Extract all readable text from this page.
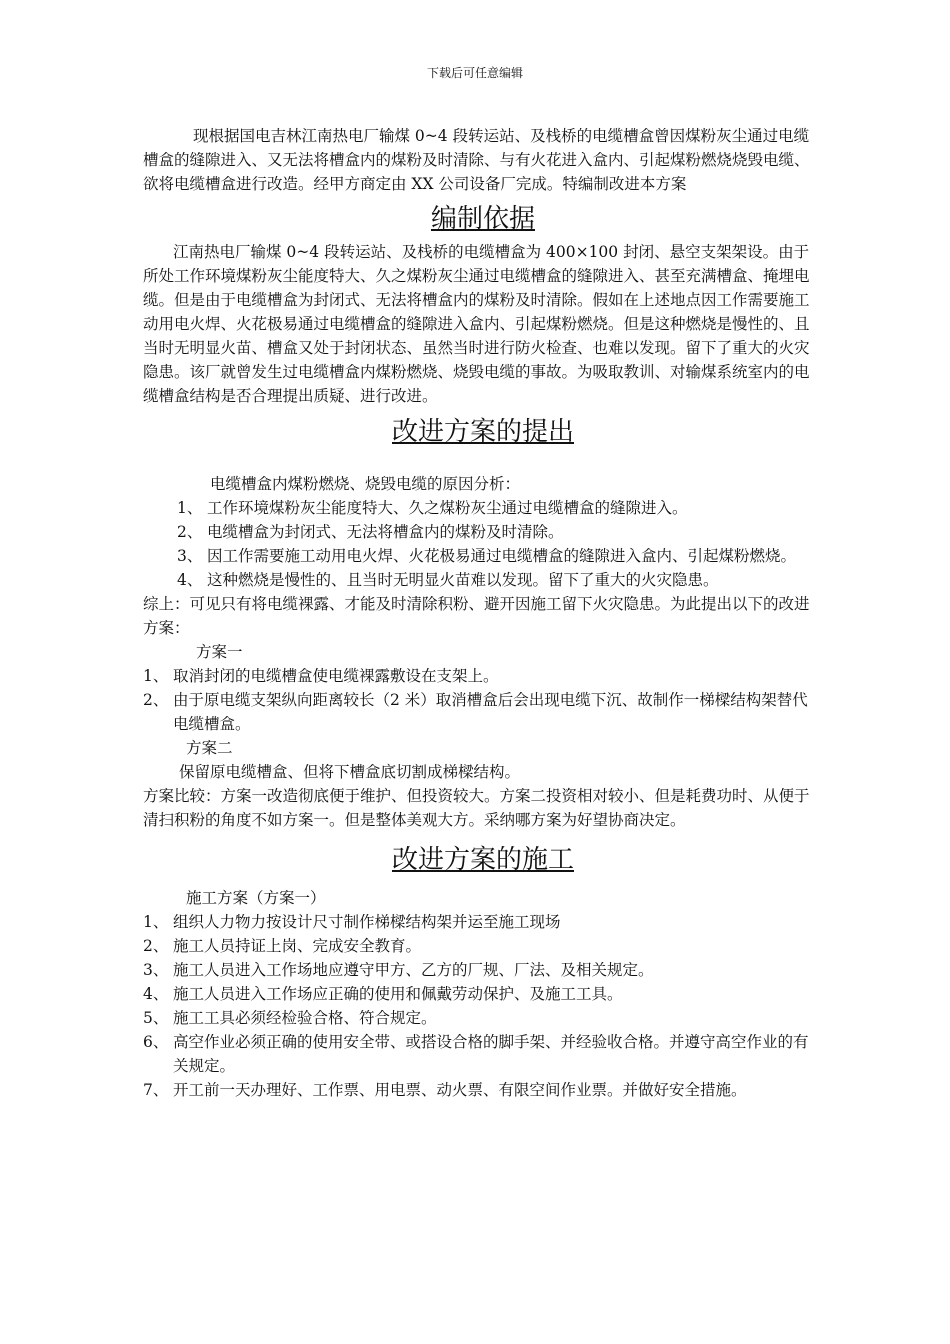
下载后可任意编辑

现根据国电吉林江南热电厂输煤 0~4 段转运站、及栈桥的电缆槽盒曾因煤粉灰尘通过电缆槽盒的缝隙进入、又无法将槽盒内的煤粉及时清除、与有火花进入盒内、引起煤粉燃烧烧毁电缆、欲将电缆槽盒进行改造。经甲方商定由 XX 公司设备厂完成。特编制改进本方案

编制依据

江南热电厂输煤 0~4 段转运站、及栈桥的电缆槽盒为 400×100 封闭、悬空支架架设。由于所处工作环境煤粉灰尘能度特大、久之煤粉灰尘通过电缆槽盒的缝隙进入、甚至充满槽盒、掩埋电缆。但是由于电缆槽盒为封闭式、无法将槽盒内的煤粉及时清除。假如在上述地点因工作需要施工动用电火焊、火花极易通过电缆槽盒的缝隙进入盒内、引起煤粉燃烧。但是这种燃烧是慢性的、且当时无明显火苗、槽盒又处于封闭状态、虽然当时进行防火检查、也难以发现。留下了重大的火灾隐患。该厂就曾发生过电缆槽盒内煤粉燃烧、烧毁电缆的事故。为吸取教训、对输煤系统室内的电缆槽盒结构是否合理提出质疑、进行改进。

改进方案的提出

电缆槽盒内煤粉燃烧、烧毁电缆的原因分析：

1、 工作环境煤粉灰尘能度特大、久之煤粉灰尘通过电缆槽盒的缝隙进入。
2、 电缆槽盒为封闭式、无法将槽盒内的煤粉及时清除。
3、 因工作需要施工动用电火焊、火花极易通过电缆槽盒的缝隙进入盒内、引起煤粉燃烧。
4、 这种燃烧是慢性的、且当时无明显火苗难以发现。留下了重大的火灾隐患。

综上：可见只有将电缆裸露、才能及时清除积粉、避开因施工留下火灾隐患。为此提出以下的改进方案：

方案一

1、 取消封闭的电缆槽盒使电缆裸露敷设在支架上。
2、 由于原电缆支架纵向距离较长（2 米）取消槽盒后会出现电缆下沉、故制作一梯樑结构架替代电缆槽盒。

方案二

保留原电缆槽盒、但将下槽盒底切割成梯樑结构。

方案比较：方案一改造彻底便于维护、但投资较大。方案二投资相对较小、但是耗费功时、从便于清扫积粉的角度不如方案一。但是整体美观大方。采纳哪方案为好望协商决定。

改进方案的施工

施工方案（方案一）

1、 组织人力物力按设计尺寸制作梯樑结构架并运至施工现场
2、 施工人员持证上岗、完成安全教育。
3、 施工人员进入工作场地应遵守甲方、乙方的厂规、厂法、及相关规定。
4、 施工人员进入工作场应正确的使用和佩戴劳动保护、及施工工具。
5、 施工工具必须经检验合格、符合规定。
6、 高空作业必须正确的使用安全带、或搭设合格的脚手架、并经验收合格。并遵守高空作业的有关规定。
7、 开工前一天办理好、工作票、用电票、动火票、有限空间作业票。并做好安全措施。
